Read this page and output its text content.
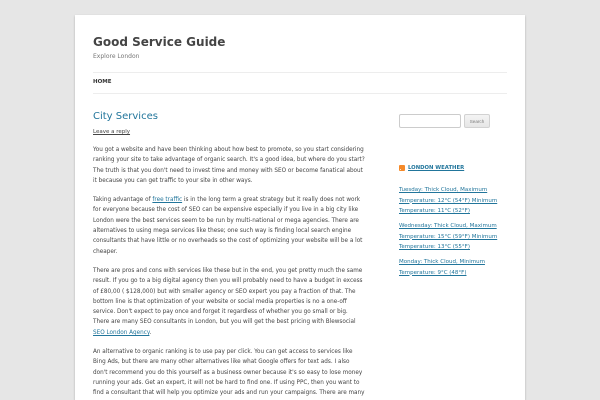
Good Service Guide

Explore London

HOME
City Services
Leave a reply

You got a website and have been thinking about how best to promote, so you start considering ranking your site to take advantage of organic search. It's a good idea, but where do you start? The truth is that you don't need to invest time and money with SEO or become fanatical about it because you can get traffic to your site in other ways.

Taking advantage of free traffic is in the long term a great strategy but it really does not work for everyone because the cost of SEO can be expensive especially if you live in a big city like London were the best services seem to be run by multi-national or mega agencies. There are alternatives to using mega services like these; one such way is finding local search engine consultants that have little or no overheads so the cost of optimizing your website will be a lot cheaper.

There are pros and cons with services like these but in the end, you get pretty much the same result. If you go to a big digital agency then you will probably need to have a budget in excess of £80,00 ( $128,000) but with smaller agency or SEO expert you pay a fraction of that. The bottom line is that optimization of your website or social media properties is no a one-off service. Don't expect to pay once and forget it regardless of whether you go small or big. There are many SEO consultants in London, but you will get the best pricing with Blewsocial SEO London Agency.

An alternative to organic ranking is to use pay per click. You can get access to services like Bing Ads, but there are many other alternatives like what Google offers for text ads. I also don't recommend you do this yourself as a business owner because it's so easy to lose money running your ads. Get an expert, it will not be hard to find one. If using PPC, then you want to find a consultant that will help you optimize your ads and run your campaigns. There are many

Search
LONDON WEATHER
Tuesday: Thick Cloud, Maximum Temperature: 12°C (54°F) Minimum Temperature: 11°C (52°F)
Wednesday: Thick Cloud, Maximum Temperature: 15°C (59°F) Minimum Temperature: 13°C (55°F)
Monday: Thick Cloud, Minimum Temperature: 9°C (48°F)
